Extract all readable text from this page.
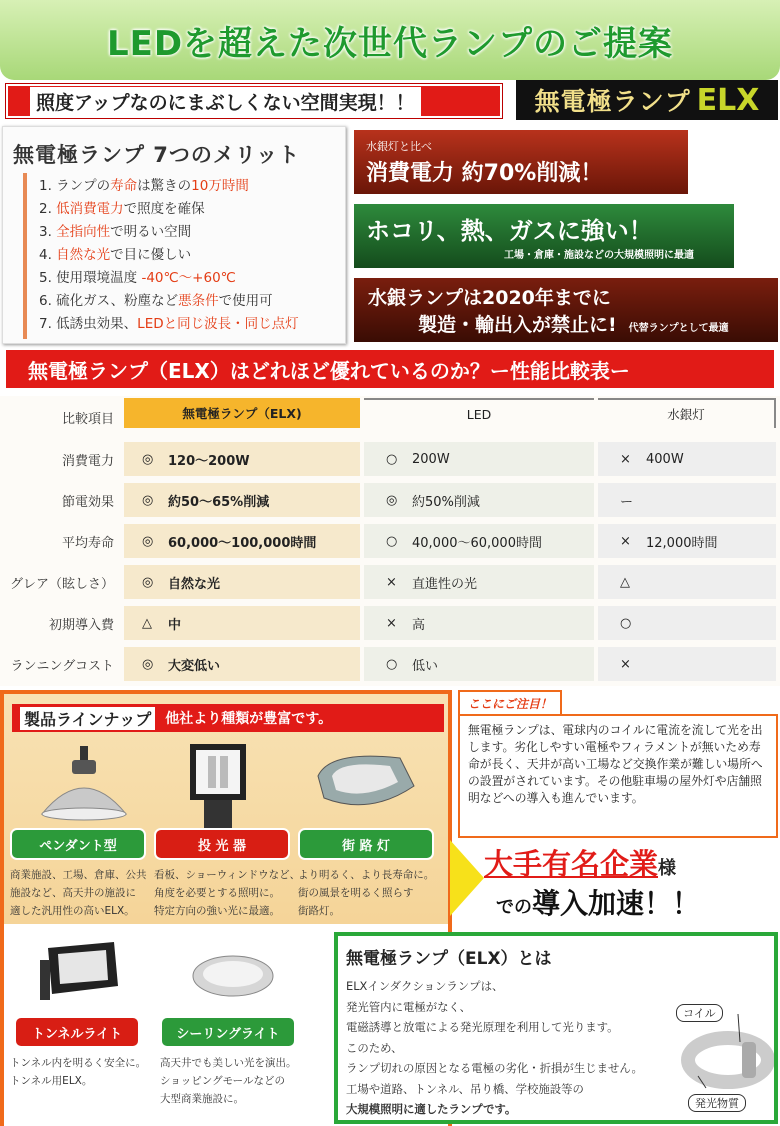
LEDを超えた次世代ランプのご提案
照度アップなのにまぶしくない空間実現！！	無電極ランプ ELX
無電極ランプ 7つのメリット
1. ランプの寿命は驚きの10万時間
2. 低消費電力で照度を確保
3. 全指向性で明るい空間
4. 自然な光で目に優しい
5. 使用環境温度 -40℃～+60℃
6. 硫化ガス、粉塵など悪条件で使用可
7. 低誘虫効果、LEDと同じ波長・同じ点灯
水銀灯と比べ
消費電力 約70%削減！
ホコリ、熱、ガスに強い！
工場・倉庫・施設などの大規模照明に最適
水銀ランプは2020年までに
製造・輸出入が禁止に! 代替ランプとして最適
無電極ランプ（ELX）はどれほど優れているのか？ー性能比較表ー
比較項目	無電極ランプ（ELX)	LED	水銀灯
消費電力 ◎	120～200W	○	200W	×	400W
節電効果 ◎	約50～65%削減	◎	約50%削減	ー
平均寿命 ◎	60,000～100,000時間	○	40,000～60,000時間	×	12,000時間
グレア（眩しさ） ◎	自然な光	×	直進性の光	△
初期導入費 △	中	×	高	○
ランニングコスト ◎	大変低い	○	低い	×
製品ラインナップ 他社より種類が豊富です。
ペンダント型
商業施設、工場、倉庫、公共
施設など、高天井の施設に
適した汎用性の高いELX。
投 光 器
看板、ショーウィンドウなど、
角度を必要とする照明に。
特定方向の強い光に最適。
街 路 灯
より明るく、より長寿命に。
街の風景を明るく照らす
街路灯。
トンネルライト
トンネル内を明るく安全に。
トンネル用ELX。
シーリングライト
高天井でも美しい光を演出。
ショッピングモールなどの
大型商業施設に。
ここにご注目！
無電極ランプは、電球内のコイルに電流を流して光を出します。劣化しやすい電極やフィラメントが無いため寿命が長く、天井が高い工場など交換作業が難しい場所への設置がされています。その他駐車場の屋外灯や店舗照明などへの導入も進んでいます。
大手有名企業様
での導入加速！！
無電極ランプ（ELX）とは
ELXインダクションランプは、
発光管内に電極がなく、
電磁誘導と放電による発光原理を利用して光ります。
このため、
ランプ切れの原因となる電極の劣化・折損が生じません。
工場や道路、トンネル、吊り橋、学校施設等の
大規模照明に適したランプです。
コイル
発光物質
